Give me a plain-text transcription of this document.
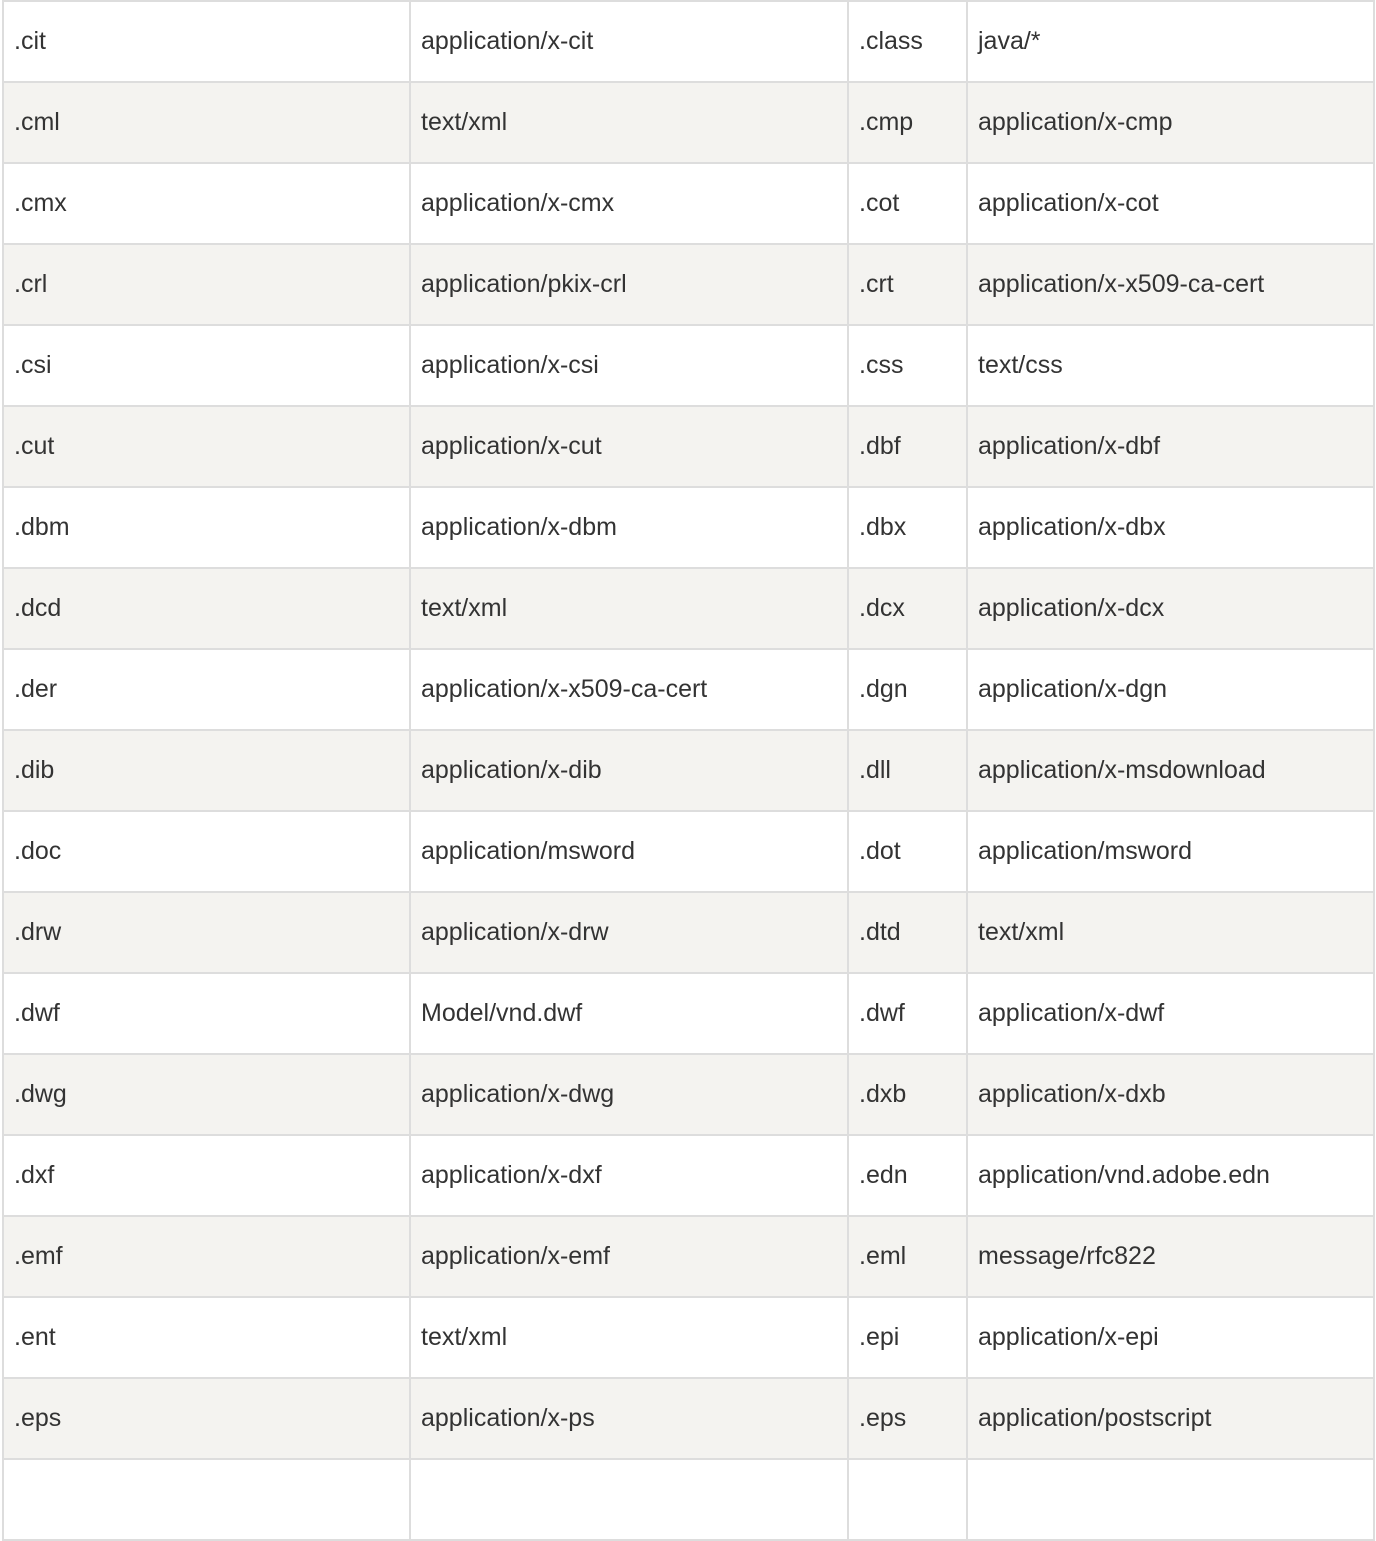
.cit	application/x-cit	.class	java/*
.cml	text/xml	.cmp	application/x-cmp
.cmx	application/x-cmx	.cot	application/x-cot
.crl	application/pkix-crl	.crt	application/x-x509-ca-cert
.csi	application/x-csi	.css	text/css
.cut	application/x-cut	.dbf	application/x-dbf
.dbm	application/x-dbm	.dbx	application/x-dbx
.dcd	text/xml	.dcx	application/x-dcx
.der	application/x-x509-ca-cert	.dgn	application/x-dgn
.dib	application/x-dib	.dll	application/x-msdownload
.doc	application/msword	.dot	application/msword
.drw	application/x-drw	.dtd	text/xml
.dwf	Model/vnd.dwf	.dwf	application/x-dwf
.dwg	application/x-dwg	.dxb	application/x-dxb
.dxf	application/x-dxf	.edn	application/vnd.adobe.edn
.emf	application/x-emf	.eml	message/rfc822
.ent	text/xml	.epi	application/x-epi
.eps	application/x-ps	.eps	application/postscript
